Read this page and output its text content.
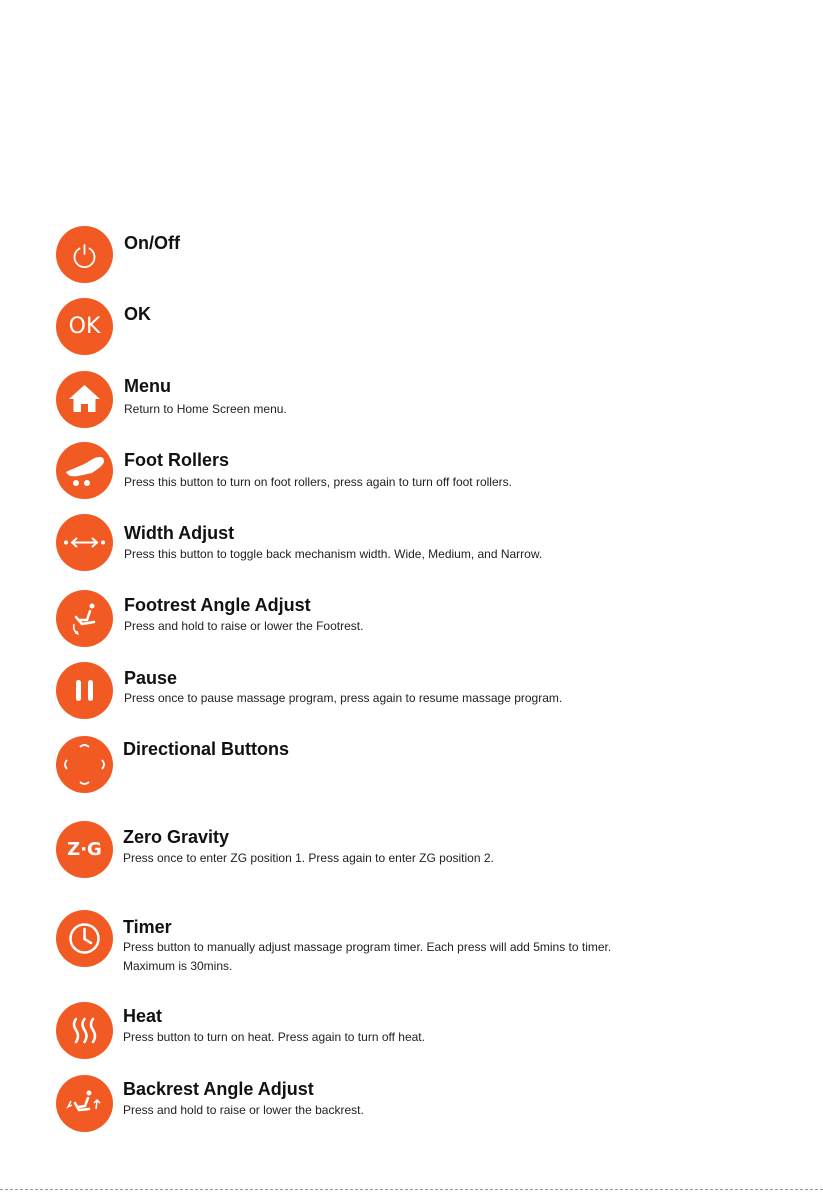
On/Off
OK OK
Menu
Return to Home Screen menu.
Foot Rollers
Press this button to turn on foot rollers, press again to turn off foot rollers.
Width Adjust
Press this button to toggle back mechanism width. Wide, Medium, and Narrow.
Footrest Angle Adjust
Press and hold to raise or lower the Footrest.
Pause
Press once to pause massage program, press again to resume massage program.
Directional Buttons
Z·G
Zero Gravity
Press once to enter ZG position 1. Press again to enter ZG position 2.
Timer
Press button to manually adjust massage program timer. Each press will add 5mins to timer.
Maximum is 30mins.
Heat
Press button to turn on heat. Press again to turn off heat.
Backrest Angle Adjust
Press and hold to raise or lower the backrest.
